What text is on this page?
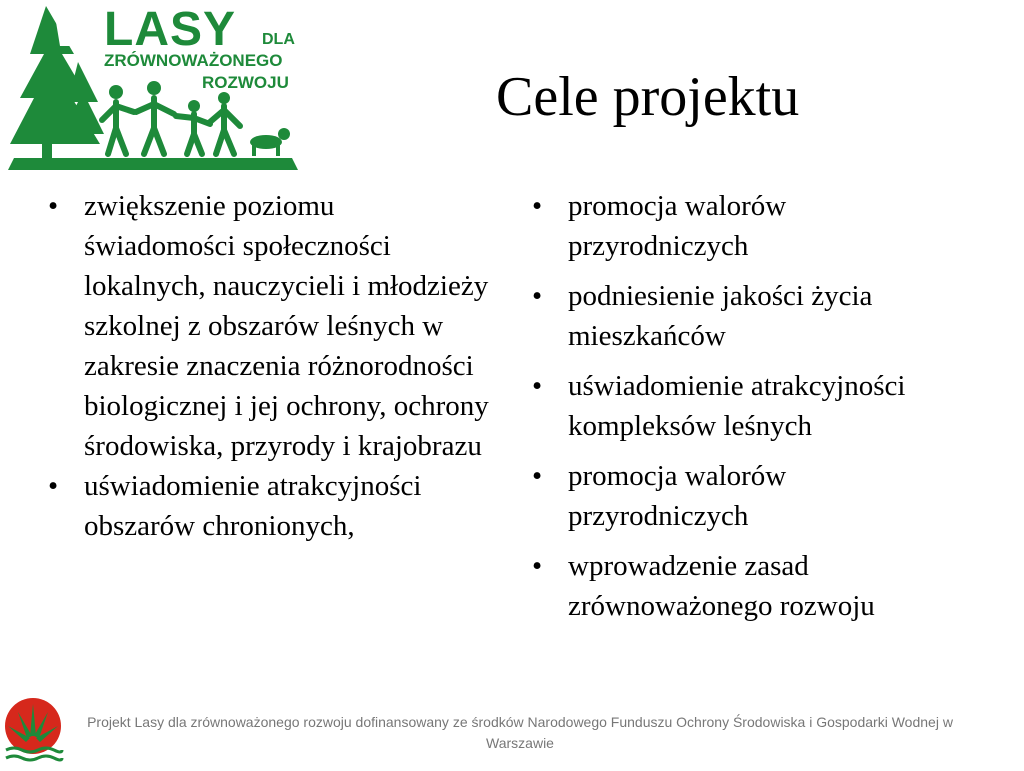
LASY DLA
ZRÓWNOWAŻONEGO
ROZWOJU	Cele projektu
• zwiększenie poziomu świadomości społeczności lokalnych, nauczycieli i młodzieży szkolnej z obszarów leśnych w zakresie znaczenia różnorodności biologicznej i jej ochrony, ochrony środowiska, przyrody i krajobrazu
• uświadomienie atrakcyjności obszarów chronionych,
• promocja walorów przyrodniczych
• podniesienie jakości życia mieszkańców
• uświadomienie atrakcyjności kompleksów leśnych
• promocja walorów przyrodniczych
• wprowadzenie zasad zrównoważonego rozwoju
Projekt Lasy dla zrównoważonego rozwoju dofinansowany ze środków Narodowego Funduszu Ochrony Środowiska i Gospodarki Wodnej w Warszawie
